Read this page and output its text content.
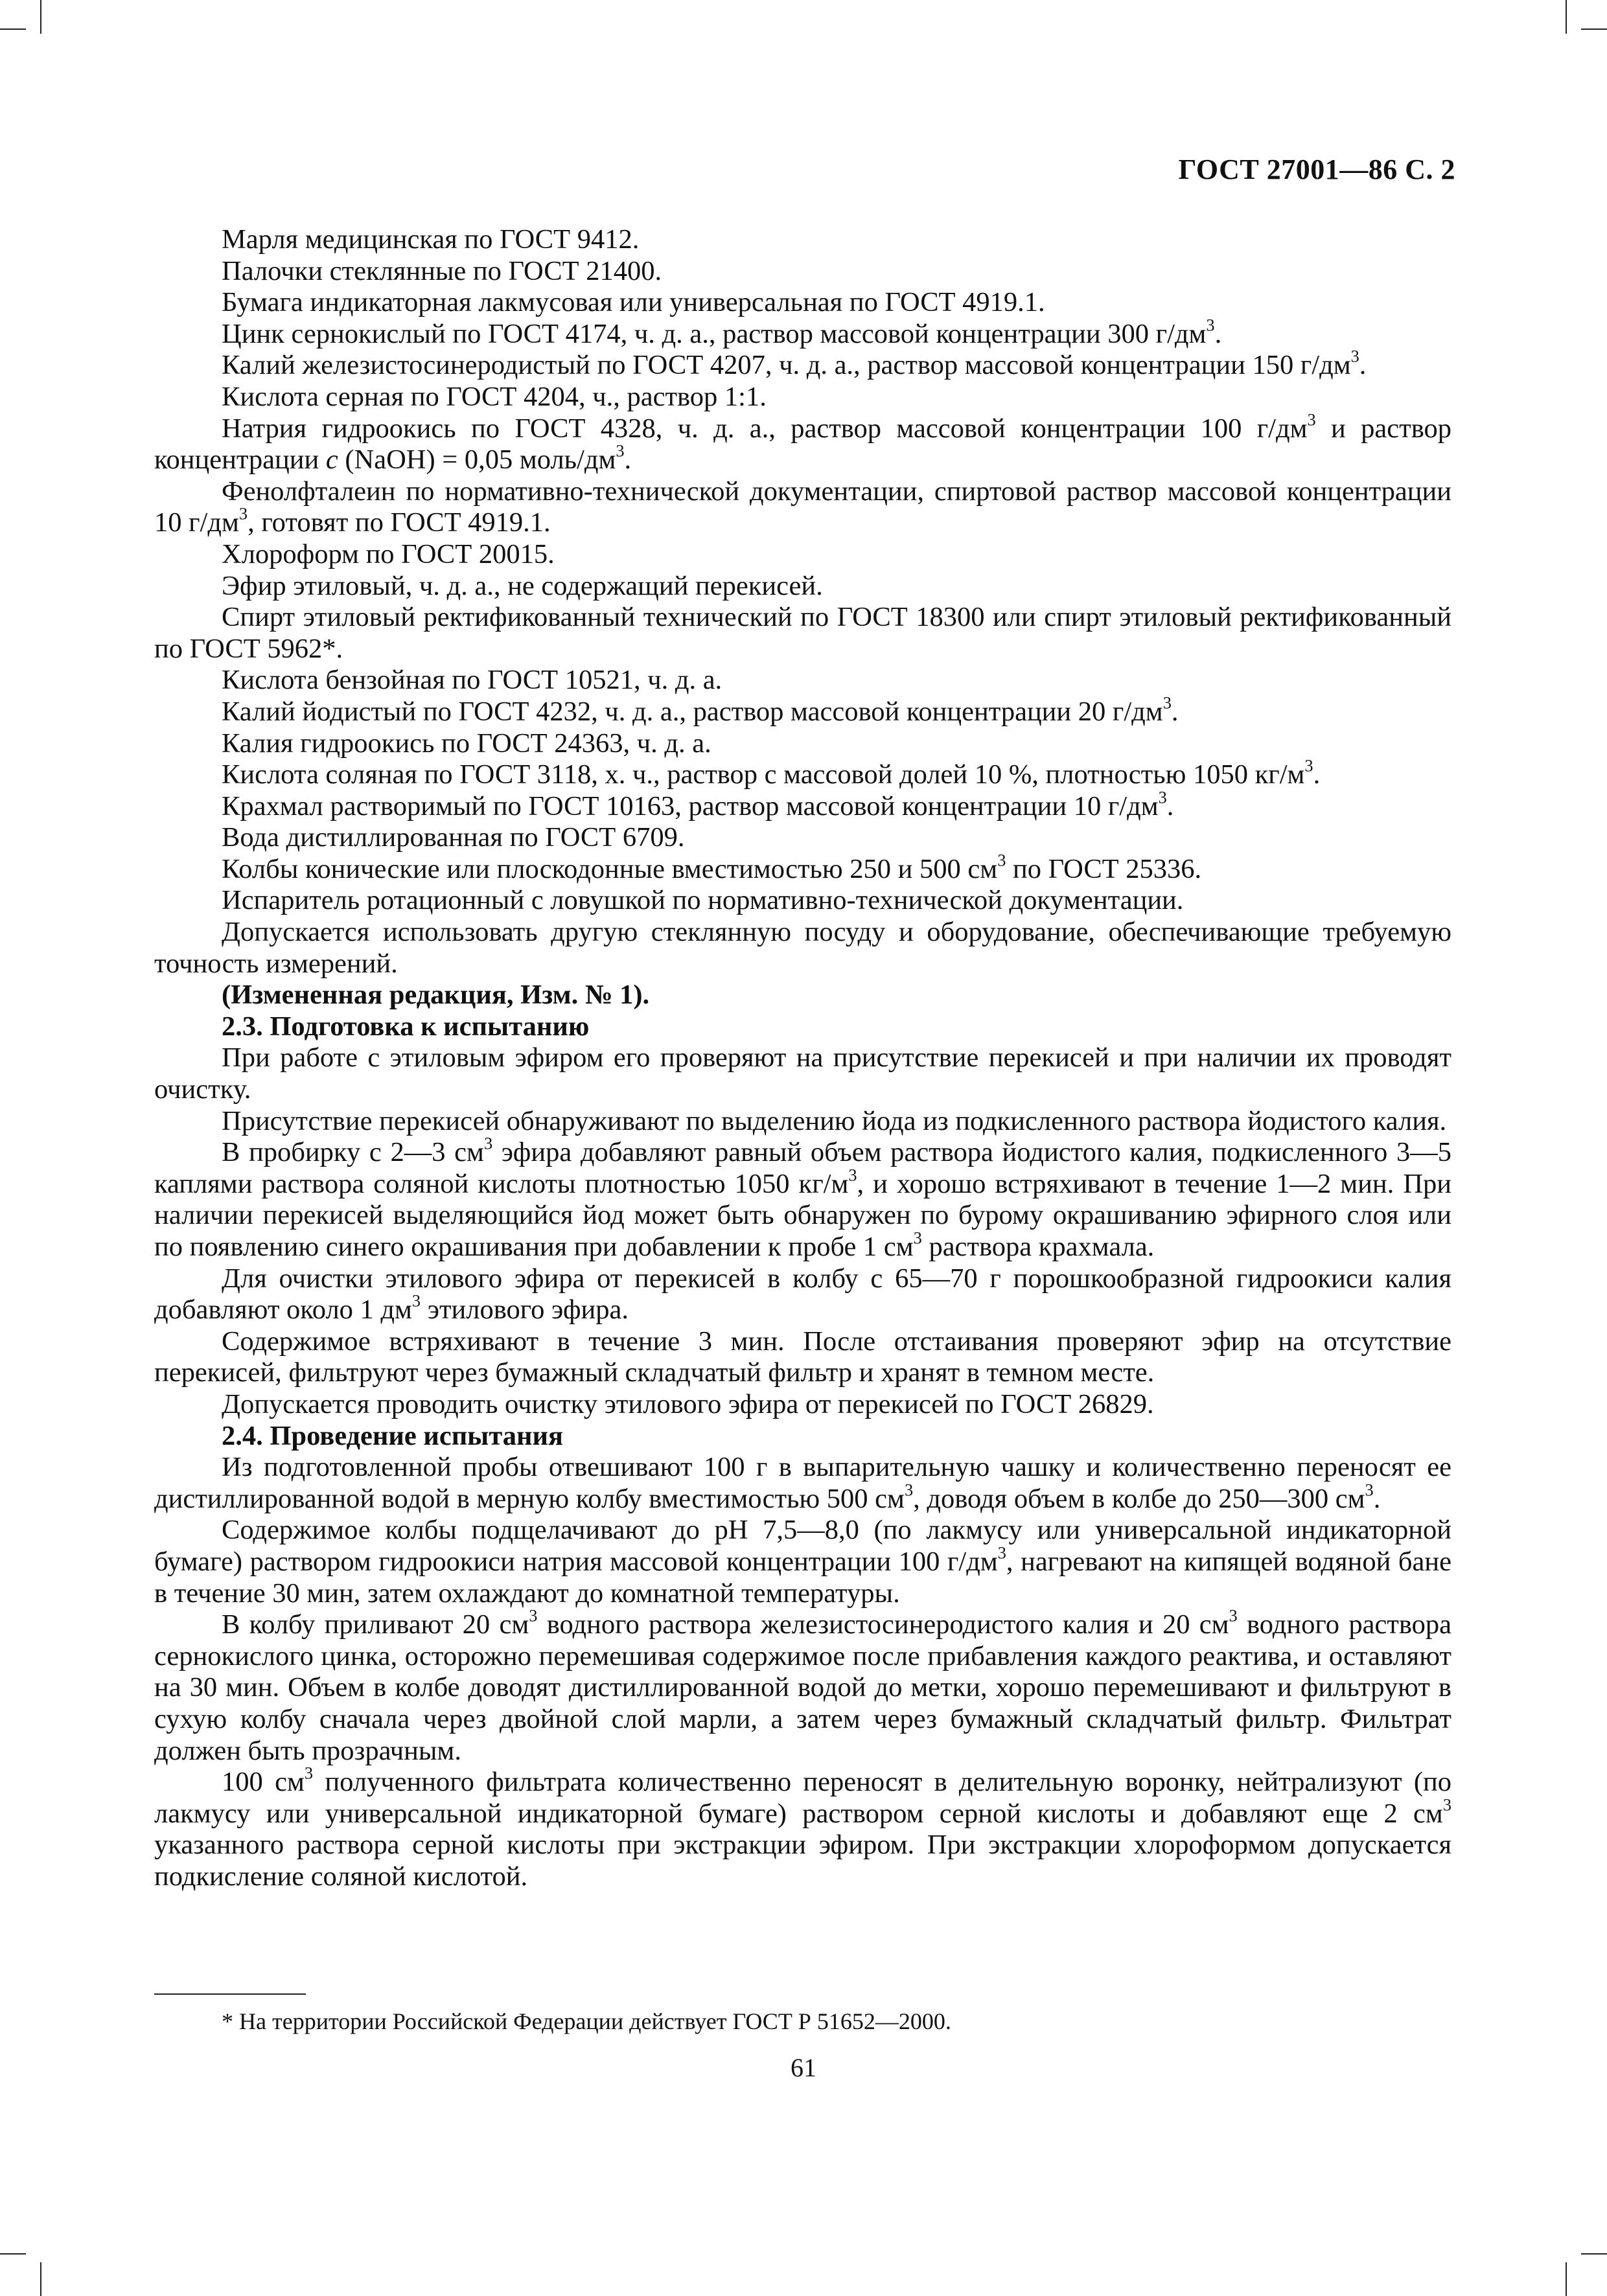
ГОСТ 27001—86 С. 2

Марля медицинская по ГОСТ 9412.

Палочки стеклянные по ГОСТ 21400.

Бумага индикаторная лакмусовая или универсальная по ГОСТ 4919.1.

Цинк сернокислый по ГОСТ 4174, ч. д. а., раствор массовой концентрации 300 $г/дм^3$.

Калий железистосинеродистый по ГОСТ 4207, ч. д. а., раствор массовой концентрации 150 $г/дм^3$.

Кислота серная по ГОСТ 4204, ч., раствор 1:1.

Натрия гидроокись по ГОСТ 4328, ч. д. а., раствор массовой концентрации 100 $г/дм^3$ и раствор концентрации с (NaOH) = 0,05 моль/$дм^3$.

Фенолфталеин по нормативно-технической документации, спиртовой раствор массовой концентрации 10 $г/дм^3$, готовят по ГОСТ 4919.1.

Хлороформ по ГОСТ 20015.

Эфир этиловый, ч. д. а., не содержащий перекисей.

Спирт этиловый ректификованный технический по ГОСТ 18300 или спирт этиловый ректификованный по ГОСТ 5962*.

Кислота бензойная по ГОСТ 10521, ч. д. а.

Калий йодистый по ГОСТ 4232, ч. д. а., раствор массовой концентрации 20 $г/дм^3$.

Калия гидроокись по ГОСТ 24363, ч. д. а.

Кислота соляная по ГОСТ 3118, х. ч., раствор с массовой долей 10 %, плотностью 1050 $кг/м^3$.

Крахмал растворимый по ГОСТ 10163, раствор массовой концентрации 10 $г/дм^3$.

Вода дистиллированная по ГОСТ 6709.

Колбы конические или плоскодонные вместимостью 250 и 500 $см^3$ по ГОСТ 25336.

Испаритель ротационный с ловушкой по нормативно-технической документации.

Допускается использовать другую стеклянную посуду и оборудование, обеспечивающие требуемую точность измерений.

(Измененная редакция, Изм. № 1).

2.3. Подготовка к испытанию

При работе с этиловым эфиром его проверяют на присутствие перекисей и при наличии их проводят очистку.

Присутствие перекисей обнаруживают по выделению йода из подкисленного раствора йодистого калия.

В пробирку с 2—3 $см^3$ эфира добавляют равный объем раствора йодистого калия, подкисленного 3—5 каплями раствора соляной кислоты плотностью 1050 $кг/м^3$, и хорошо встряхивают в течение 1—2 мин. При наличии перекисей выделяющийся йод может быть обнаружен по бурому окрашиванию эфирного слоя или по появлению синего окрашивания при добавлении к пробе 1 $см^3$ раствора крахмала.

Для очистки этилового эфира от перекисей в колбу с 65—70 г порошкообразной гидроокиси калия добавляют около 1 $дм^3$ этилового эфира.

Содержимое встряхивают в течение 3 мин. После отстаивания проверяют эфир на отсутствие перекисей, фильтруют через бумажный складчатый фильтр и хранят в темном месте.

Допускается проводить очистку этилового эфира от перекисей по ГОСТ 26829.

2.4. Проведение испытания

Из подготовленной пробы отвешивают 100 г в выпарительную чашку и количественно переносят ее дистиллированной водой в мерную колбу вместимостью 500 $см^3$, доводя объем в колбе до 250—300 $см^3$.

Содержимое колбы подщелачивают до рН 7,5—8,0 (по лакмусу или универсальной индикаторной бумаге) раствором гидроокиси натрия массовой концентрации 100 $г/дм^3$, нагревают на кипящей водяной бане в течение 30 мин, затем охлаждают до комнатной температуры.

В колбу приливают 20 $см^3$ водного раствора железистосинеродистого калия и 20 $см^3$ водного раствора сернокислого цинка, осторожно перемешивая содержимое после прибавления каждого реактива, и оставляют на 30 мин. Объем в колбе доводят дистиллированной водой до метки, хорошо перемешивают и фильтруют в сухую колбу сначала через двойной слой марли, а затем через бумажный складчатый фильтр. Фильтрат должен быть прозрачным.

100 $см^3$ полученного фильтрата количественно переносят в делительную воронку, нейтрализуют (по лакмусу или универсальной индикаторной бумаге) раствором серной кислоты и добавляют еще 2 $см^3$ указанного раствора серной кислоты при экстракции эфиром. При экстракции хлороформом допускается подкисление соляной кислотой.

* На территории Российской Федерации действует ГОСТ Р 51652—2000.
61
